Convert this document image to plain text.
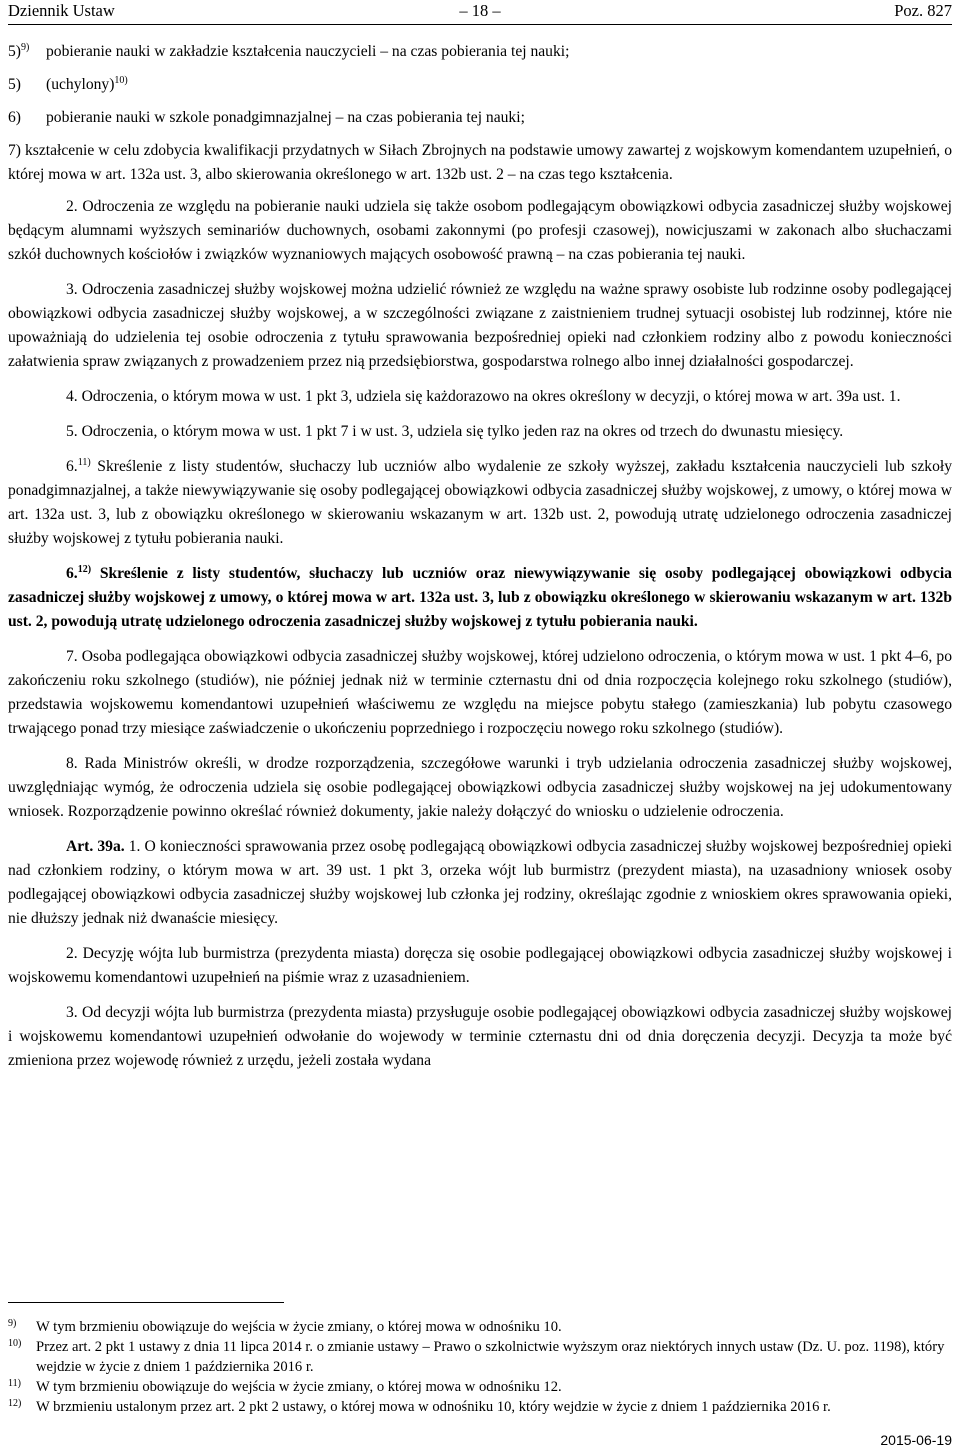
Dziennik Ustaw	– 18 –	Poz. 827
5)$^{9)}$ pobieranie nauki w zakładzie kształcenia nauczycieli – na czas pobierania tej nauki;
5) (uchylony)$^{10)}$
6) pobieranie nauki w szkole ponadgimnazjalnej – na czas pobierania tej nauki;
7) kształcenie w celu zdobycia kwalifikacji przydatnych w Siłach Zbrojnych na podstawie umowy zawartej z wojskowym komendantem uzupełnień, o której mowa w art. 132a ust. 3, albo skierowania określonego w art. 132b ust. 2 – na czas tego kształcenia.

2. Odroczenia ze względu na pobieranie nauki udziela się także osobom podlegającym obowiązkowi odbycia zasadniczej służby wojskowej będącym alumnami wyższych seminariów duchownych, osobami zakonnymi (po profesji czasowej), nowicjuszami w zakonach albo słuchaczami szkół duchownych kościołów i związków wyznaniowych mających osobowość prawną – na czas pobierania tej nauki.

3. Odroczenia zasadniczej służby wojskowej można udzielić również ze względu na ważne sprawy osobiste lub rodzinne osoby podlegającej obowiązkowi odbycia zasadniczej służby wojskowej, a w szczególności związane z zaistnieniem trudnej sytuacji osobistej lub rodzinnej, które nie upoważniają do udzielenia tej osobie odroczenia z tytułu sprawowania bezpośredniej opieki nad członkiem rodziny albo z powodu konieczności załatwienia spraw związanych z prowadzeniem przez nią przedsiębiorstwa, gospodarstwa rolnego albo innej działalności gospodarczej.

4. Odroczenia, o którym mowa w ust. 1 pkt 3, udziela się każdorazowo na okres określony w decyzji, o której mowa w art. 39a ust. 1.

5. Odroczenia, o którym mowa w ust. 1 pkt 7 i w ust. 3, udziela się tylko jeden raz na okres od trzech do dwunastu miesięcy.

6.$^{11)}$ Skreślenie z listy studentów, słuchaczy lub uczniów albo wydalenie ze szkoły wyższej, zakładu kształcenia nauczycieli lub szkoły ponadgimnazjalnej, a także niewywiązywanie się osoby podlegającej obowiązkowi odbycia zasadniczej służby wojskowej, z umowy, o której mowa w art. 132a ust. 3, lub z obowiązku określonego w skierowaniu wskazanym w art. 132b ust. 2, powodują utratę udzielonego odroczenia zasadniczej służby wojskowej z tytułu pobierania nauki.

6.$^{12)}$ Skreślenie z listy studentów, słuchaczy lub uczniów oraz niewywiązywanie się osoby podlegającej obowiązkowi odbycia zasadniczej służby wojskowej z umowy, o której mowa w art. 132a ust. 3, lub z obowiązku określonego w skierowaniu wskazanym w art. 132b ust. 2, powodują utratę udzielonego odroczenia zasadniczej służby wojskowej z tytułu pobierania nauki.

7. Osoba podlegająca obowiązkowi odbycia zasadniczej służby wojskowej, której udzielono odroczenia, o którym mowa w ust. 1 pkt 4–6, po zakończeniu roku szkolnego (studiów), nie później jednak niż w terminie czternastu dni od dnia rozpoczęcia kolejnego roku szkolnego (studiów), przedstawia wojskowemu komendantowi uzupełnień właściwemu ze względu na miejsce pobytu stałego (zamieszkania) lub pobytu czasowego trwającego ponad trzy miesiące zaświadczenie o ukończeniu poprzedniego i rozpoczęciu nowego roku szkolnego (studiów).

8. Rada Ministrów określi, w drodze rozporządzenia, szczegółowe warunki i tryb udzielania odroczenia zasadniczej służby wojskowej, uwzględniając wymóg, że odroczenia udziela się osobie podlegającej obowiązkowi odbycia zasadniczej służby wojskowej na jej udokumentowany wniosek. Rozporządzenie powinno określać również dokumenty, jakie należy dołączyć do wniosku o udzielenie odroczenia.

Art. 39a. 1. O konieczności sprawowania przez osobę podlegającą obowiązkowi odbycia zasadniczej służby wojskowej bezpośredniej opieki nad członkiem rodziny, o którym mowa w art. 39 ust. 1 pkt 3, orzeka wójt lub burmistrz (prezydent miasta), na uzasadniony wniosek osoby podlegającej obowiązkowi odbycia zasadniczej służby wojskowej lub członka jej rodziny, określając zgodnie z wnioskiem okres sprawowania opieki, nie dłuższy jednak niż dwanaście miesięcy.

2. Decyzję wójta lub burmistrza (prezydenta miasta) doręcza się osobie podlegającej obowiązkowi odbycia zasadniczej służby wojskowej i wojskowemu komendantowi uzupełnień na piśmie wraz z uzasadnieniem.

3. Od decyzji wójta lub burmistrza (prezydenta miasta) przysługuje osobie podlegającej obowiązkowi odbycia zasadniczej służby wojskowej i wojskowemu komendantowi uzupełnień odwołanie do wojewody w terminie czternastu dni od dnia doręczenia decyzji. Decyzja ta może być zmieniona przez wojewodę również z urzędu, jeżeli została wydana

9) W tym brzmieniu obowiązuje do wejścia w życie zmiany, o której mowa w odnośniku 10.
10) Przez art. 2 pkt 1 ustawy z dnia 11 lipca 2014 r. o zmianie ustawy – Prawo o szkolnictwie wyższym oraz niektórych innych ustaw (Dz. U. poz. 1198), który wejdzie w życie z dniem 1 października 2016 r.
11) W tym brzmieniu obowiązuje do wejścia w życie zmiany, o której mowa w odnośniku 12.
12) W brzmieniu ustalonym przez art. 2 pkt 2 ustawy, o której mowa w odnośniku 10, który wejdzie w życie z dniem 1 października 2016 r.
2015-06-19
